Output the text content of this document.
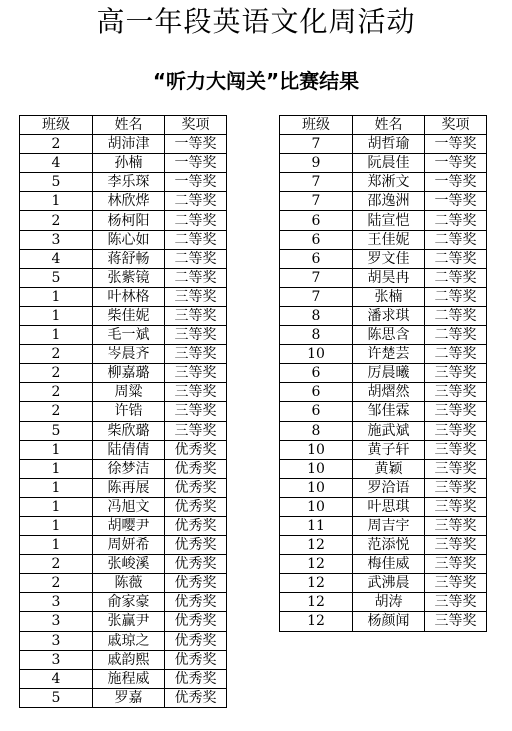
高一年段英语文化周活动
“听力大闯关”比赛结果
班级	姓名	奖项
2	胡沛津	一等奖
4	孙楠	一等奖
5	李乐琛	一等奖
1	林欣烨	二等奖
2	杨柯阳	二等奖
3	陈心如	二等奖
4	蒋舒畅	二等奖
5	张紫镜	二等奖
1	叶林格	三等奖
1	柴佳妮	三等奖
1	毛一斌	三等奖
2	岑晨齐	三等奖
2	柳嘉璐	三等奖
2	周粱	三等奖
2	许锆	三等奖
5	柴欣璐	三等奖
1	陆倩倩	优秀奖
1	徐梦洁	优秀奖
1	陈再展	优秀奖
1	冯旭文	优秀奖
1	胡嘤尹	优秀奖
1	周妍希	优秀奖
2	张峻溪	优秀奖
2	陈薇	优秀奖
3	俞家豪	优秀奖
3	张赢尹	优秀奖
3	戚琼之	优秀奖
3	戚韵熙	优秀奖
4	施程威	优秀奖
5	罗嘉	优秀奖
班级	姓名	奖项
7	胡哲瑜	一等奖
9	阮晨佳	一等奖
7	郑淅文	一等奖
7	邵逸洲	一等奖
6	陆宣恺	二等奖
6	王佳妮	二等奖
6	罗文佳	二等奖
7	胡昊冉	二等奖
7	张楠	二等奖
8	潘求琪	二等奖
8	陈思含	二等奖
10	许楚芸	二等奖
6	厉晨曦	三等奖
6	胡熠然	三等奖
6	邹佳霖	三等奖
8	施武斌	三等奖
10	黄子轩	三等奖
10	黄颖	三等奖
10	罗洽语	三等奖
10	叶思琪	三等奖
11	周吉宇	三等奖
12	范添悦	三等奖
12	梅佳威	三等奖
12	武沸晨	三等奖
12	胡涛	三等奖
12	杨颜闻	三等奖
